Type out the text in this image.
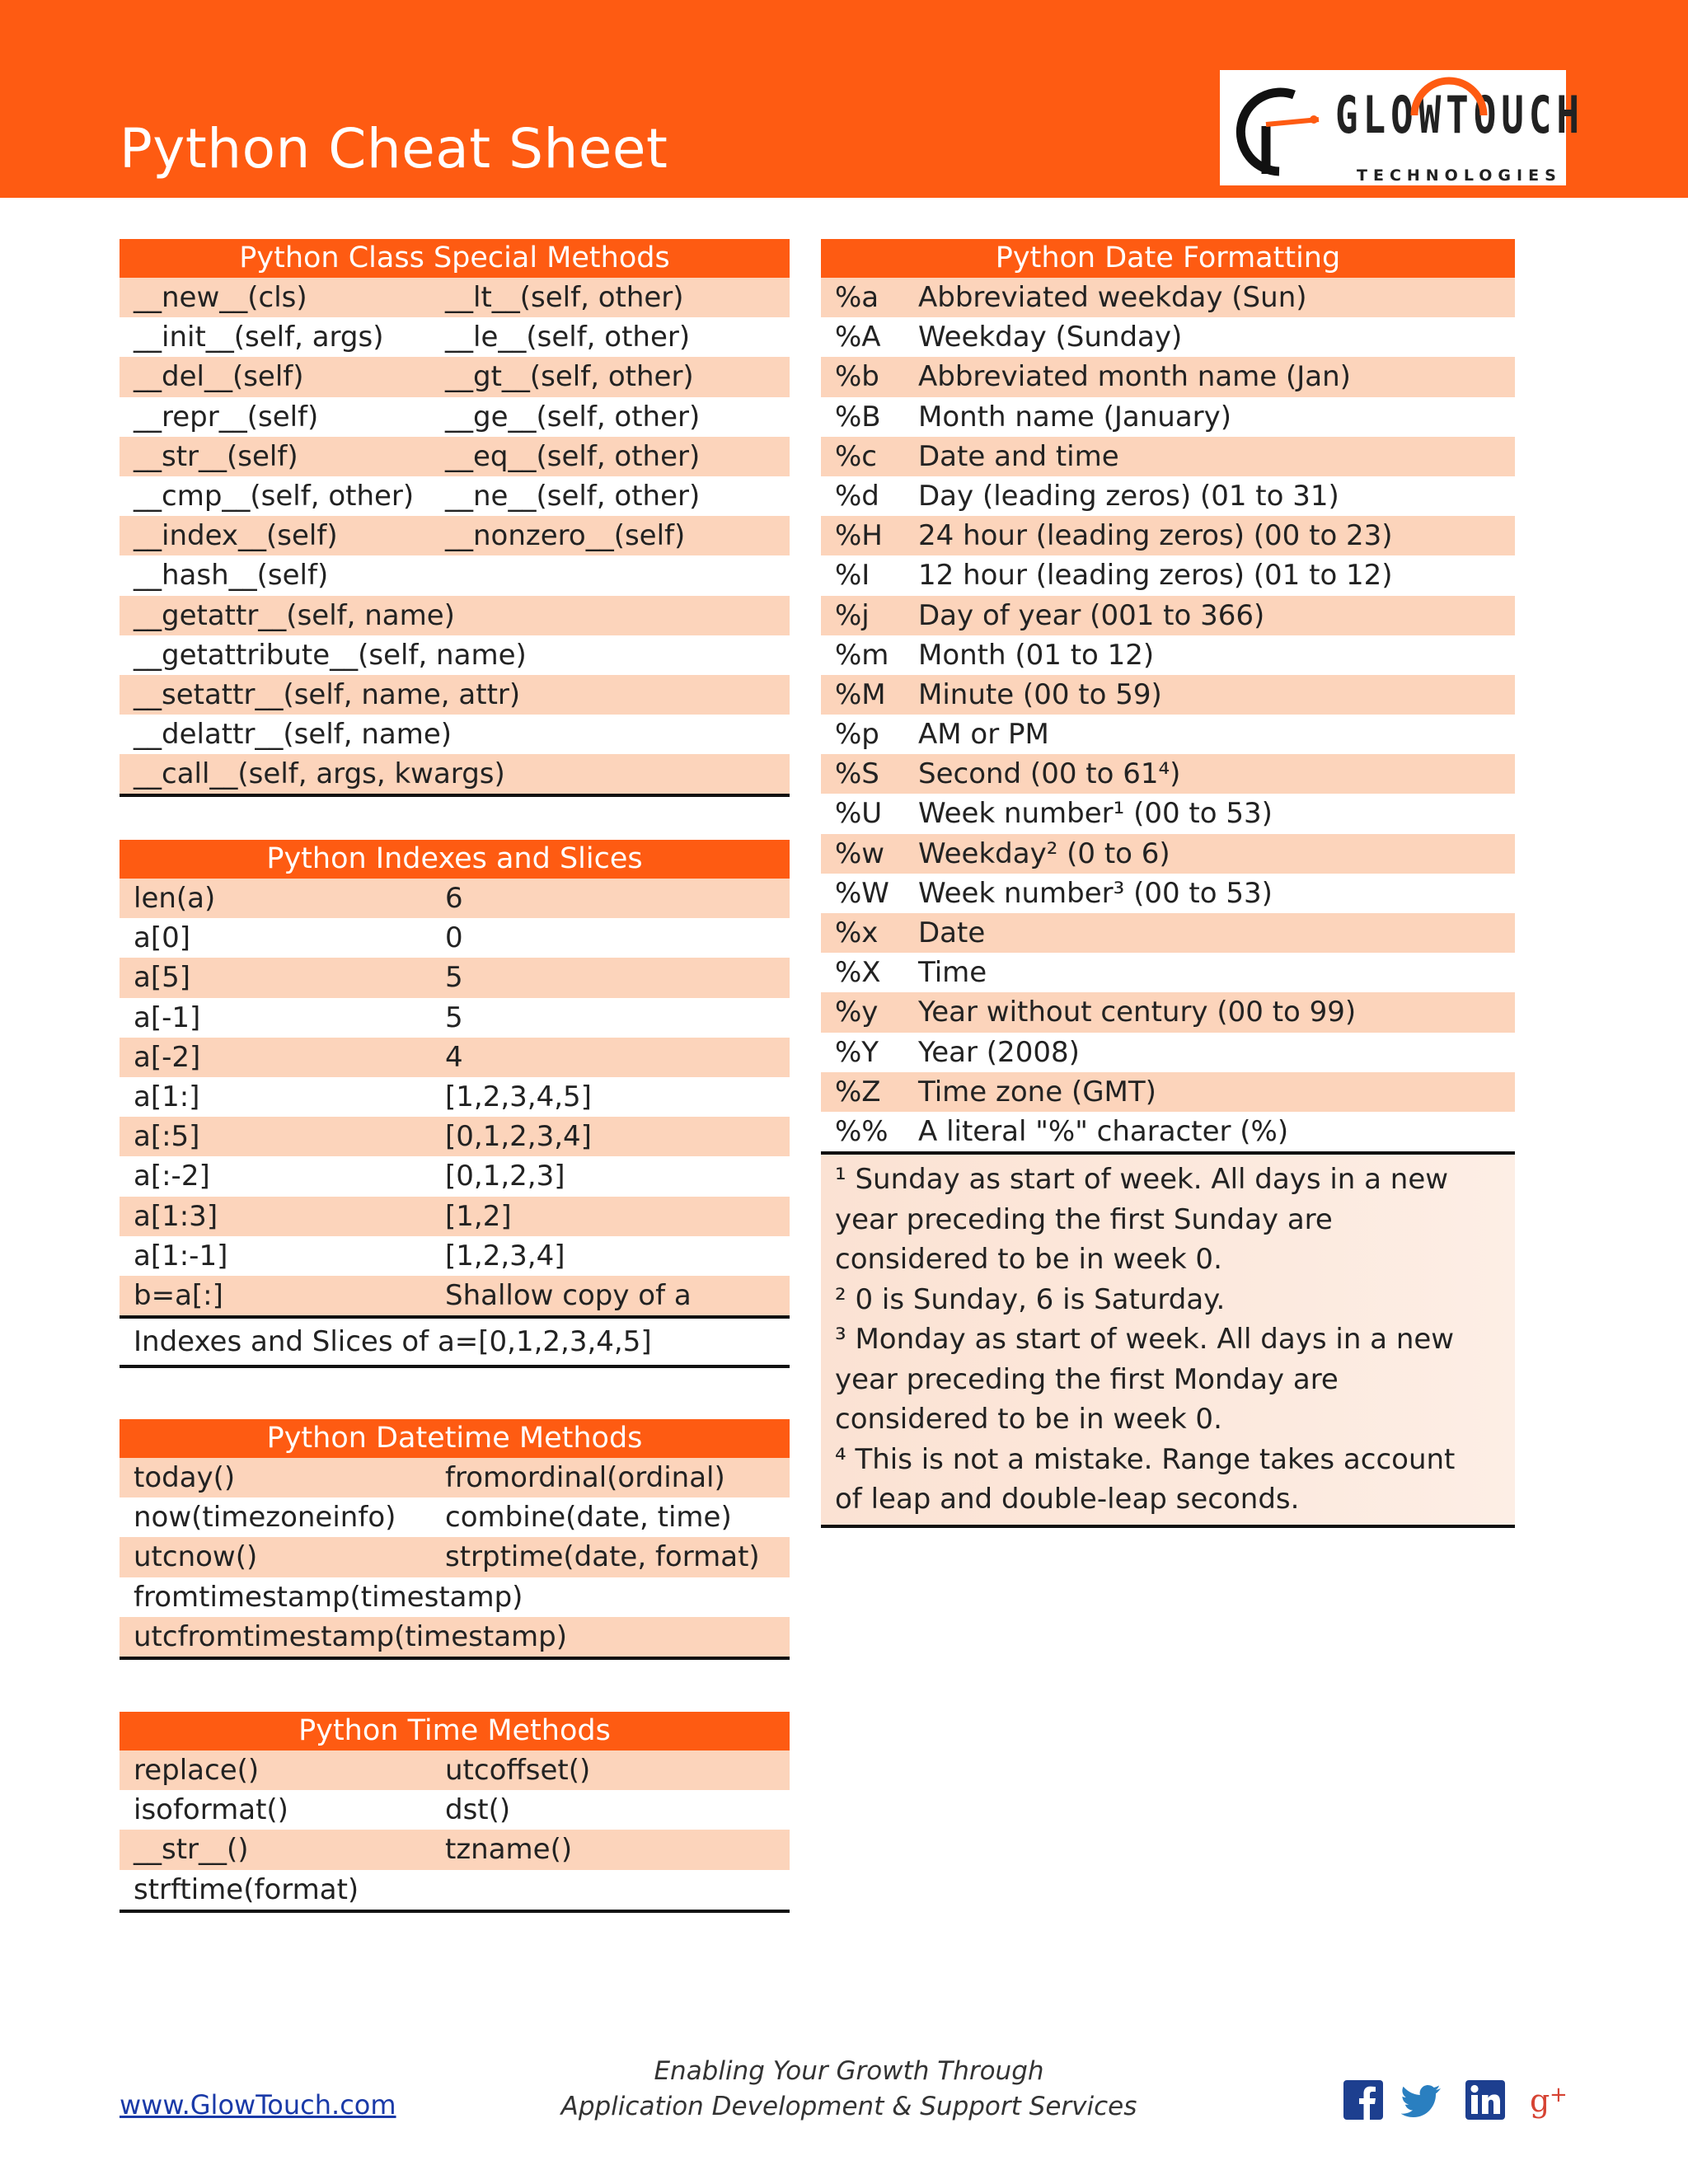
Python Cheat Sheet
GLOWTOUCH
TECHNOLOGIES
Python Class Special Methods
__new__(cls)	__lt__(self, other)
__init__(self, args) __le__(self, other)
__del__(self)	__gt__(self, other)
__repr__(self)	__ge__(self, other)
__str__(self)	__eq__(self, other)
__cmp__(self, other) __ne__(self, other)
__index__(self)	__nonzero__(self)
__hash__(self)
__getattr__(self, name)
__getattribute__(self, name)
__setattr__(self, name, attr)
__delattr__(self, name)
__call__(self, args, kwargs)
Python Indexes and Slices
len(a)	6
a[0]	0
a[5]	5
a[-1]	5
a[-2]	4
a[1:]	[1,2,3,4,5]
a[:5]	[0,1,2,3,4]
a[:-2]	[0,1,2,3]
a[1:3]	[1,2]
a[1:-1]	[1,2,3,4]
b=a[:]	Shallow copy of a
Indexes and Slices of a=[0,1,2,3,4,5]
Python Datetime Methods
today()	fromordinal(ordinal)
now(timezoneinfo) combine(date, time)
utcnow()	strptime(date, format)
fromtimestamp(timestamp)
utcfromtimestamp(timestamp)
Python Time Methods
replace()	utcoffset()
isoformat()	dst()
__str__()	tzname()
strftime(format)
Python Date Formatting
%a Abbreviated weekday (Sun)
%A Weekday (Sunday)
%b Abbreviated month name (Jan)
%B Month name (January)
%c Date and time
%d Day (leading zeros) (01 to 31)
%H 24 hour (leading zeros) (00 to 23)
%I 12 hour (leading zeros) (01 to 12)
%j Day of year (001 to 366)
%m Month (01 to 12)
%M Minute (00 to 59)
%p AM or PM
%S Second (00 to 61⁴)
%U Week number¹ (00 to 53)
%w Weekday² (0 to 6)
%W Week number³ (00 to 53)
%x Date
%X Time
%y Year without century (00 to 99)
%Y Year (2008)
%Z Time zone (GMT)
%% A literal "%" character (%)
¹ Sunday as start of week. All days in a new
year preceding the first Sunday are
considered to be in week 0.
² 0 is Sunday, 6 is Saturday.
³ Monday as start of week. All days in a new
year preceding the first Monday are
considered to be in week 0.
⁴ This is not a mistake. Range takes account
of leap and double-leap seconds.
www.GlowTouch.com
Enabling Your Growth Through
Application Development & Support Services	g +
